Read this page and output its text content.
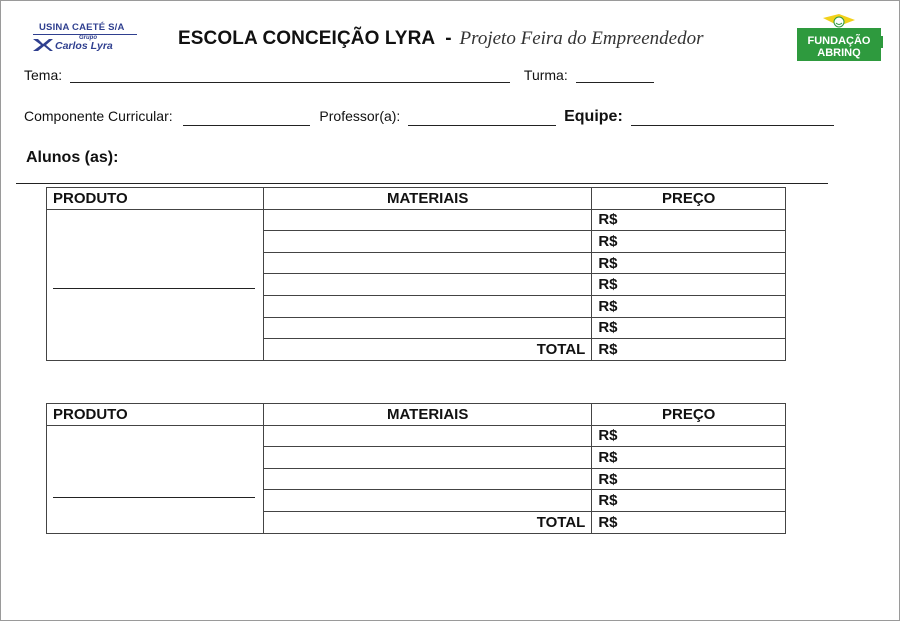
USINA CAETÉ S/A
Grupo
Carlos Lyra	ESCOLA CONCEIÇÃO LYRA - Projeto Feira do Empreendedor	FUNDAÇÃO
ABRINQ
Tema:	Turma:
Componente Curricular:	Professor(a):	Equipe:
Alunos (as):
PRODUTO	MATERIAIS	PREÇO

		R$
		R$
		R$
		R$
		R$
		R$
	TOTAL	R$
PRODUTO	MATERIAIS	PREÇO

		R$
		R$
		R$
		R$
	TOTAL	R$
